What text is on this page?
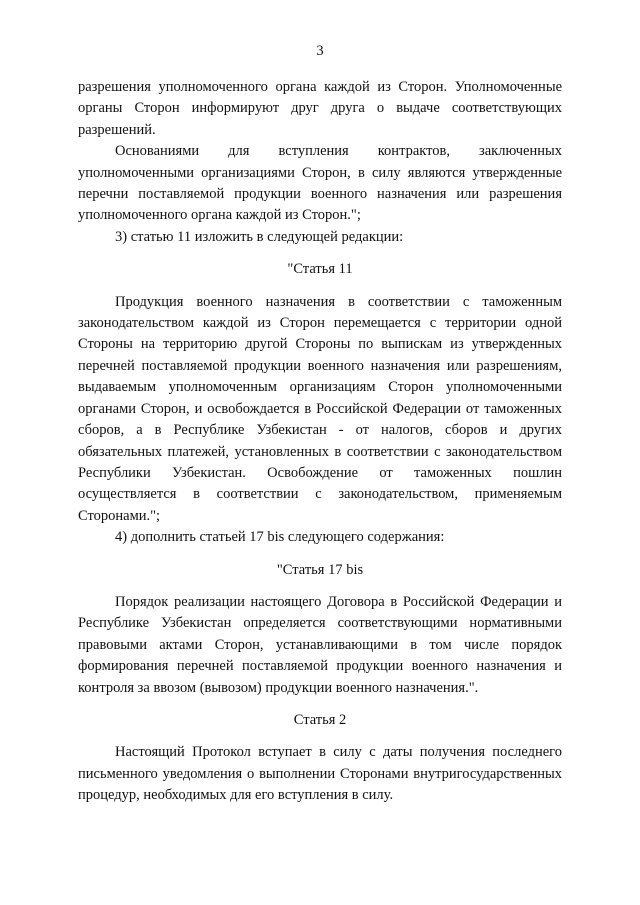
3

разрешения уполномоченного органа каждой из Сторон. Уполномоченные органы Сторон информируют друг друга о выдаче соответствующих разрешений.

Основаниями для вступления контрактов, заключенных уполномоченными организациями Сторон, в силу являются утвержденные перечни поставляемой продукции военного назначения или разрешения уполномоченного органа каждой из Сторон.";

3) статью 11 изложить в следующей редакции:

"Статья 11

Продукция военного назначения в соответствии с таможенным законодательством каждой из Сторон перемещается с территории одной Стороны на территорию другой Стороны по выпискам из утвержденных перечней поставляемой продукции военного назначения или разрешениям, выдаваемым уполномоченным организациям Сторон уполномоченными органами Сторон, и освобождается в Российской Федерации от таможенных сборов, а в Республике Узбекистан - от налогов, сборов и других обязательных платежей, установленных в соответствии с законодательством Республики Узбекистан. Освобождение от таможенных пошлин осуществляется в соответствии с законодательством, применяемым Сторонами.";

4) дополнить статьей 17 bis следующего содержания:

"Статья 17 bis

Порядок реализации настоящего Договора в Российской Федерации и Республике Узбекистан определяется соответствующими нормативными правовыми актами Сторон, устанавливающими в том числе порядок формирования перечней поставляемой продукции военного назначения и контроля за ввозом (вывозом) продукции военного назначения.".

Статья 2

Настоящий Протокол вступает в силу с даты получения последнего письменного уведомления о выполнении Сторонами внутригосударственных процедур, необходимых для его вступления в силу.
